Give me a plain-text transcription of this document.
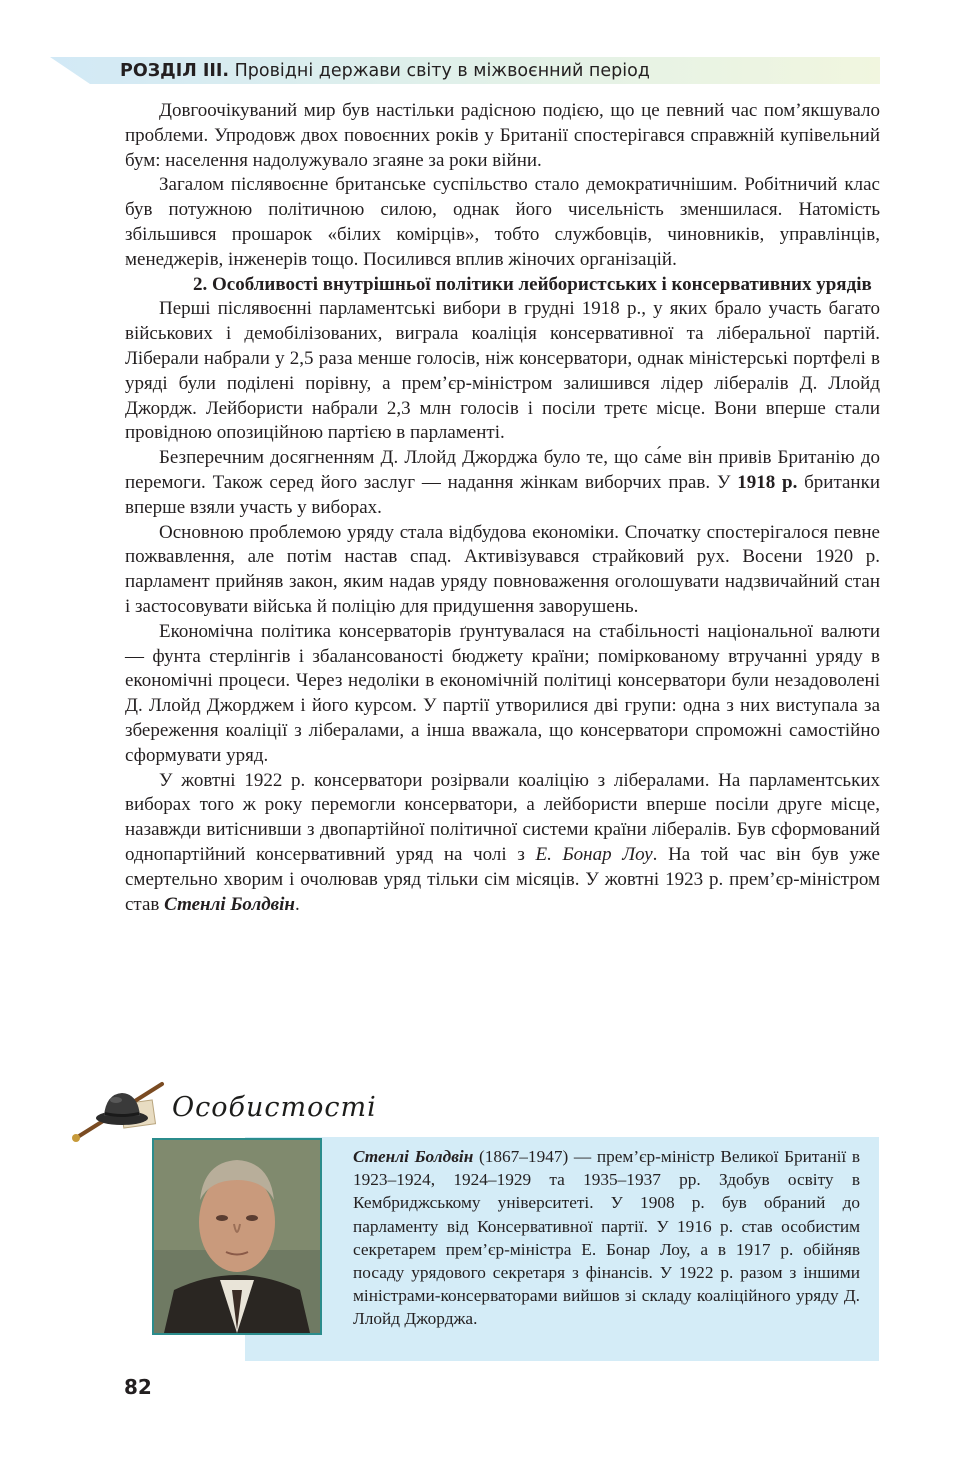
РОЗДІЛ ІІІ. Провідні держави світу в міжвоєнний період

Довгоочікуваний мир був настільки радісною подією, що це певний час пом’якшувало проблеми. Упродовж двох повоєнних років у Британії спостерігався справжній купівельний бум: населення надолужувало згаяне за роки війни.

Загалом післявоєнне британське суспільство стало демократичнішим. Робітничий клас був потужною політичною силою, однак його чисельність зменшилася. Натомість збільшився прошарок «білих комірців», тобто службовців, чиновників, управлінців, менеджерів, інженерів тощо. Посилився вплив жіночих організацій.

2. Особливості внутрішньої політики лейбористських і консервативних урядів

Перші післявоєнні парламентські вибори в грудні 1918 р., у яких брало участь багато військових і демобілізованих, виграла коаліція консервативної та ліберальної партій. Ліберали набрали у 2,5 раза менше голосів, ніж консерватори, однак міністерські портфелі в уряді були поділені порівну, а прем’єр-міністром залишився лідер лібералів Д. Ллойд Джордж. Лейбористи набрали 2,3 млн голосів і посіли третє місце. Вони вперше стали провідною опозиційною партією в парламенті.

Безперечним досягненням Д. Ллойд Джорджа було те, що са́ме він привів Британію до перемоги. Також серед його заслуг — надання жінкам виборчих прав. У 1918 р. британки вперше взяли участь у виборах.

Основною проблемою уряду стала відбудова економіки. Спочатку спостерігалося певне пожвавлення, але потім настав спад. Активізувався страйковий рух. Восени 1920 р. парламент прийняв закон, яким надав уряду повноваження оголошувати надзвичайний стан і застосовувати війська й поліцію для придушення заворушень.

Економічна політика консерваторів ґрунтувалася на стабільності національної валюти — фунта стерлінгів і збалансованості бюджету країни; поміркованому втручанні уряду в економічні процеси. Через недоліки в економічній політиці консерватори були незадоволені Д. Ллойд Джорджем і його курсом. У партії утворилися дві групи: одна з них виступала за збереження коаліції з лібералами, а інша вважала, що консерватори спроможні самостійно сформувати уряд.

У жовтні 1922 р. консерватори розірвали коаліцію з лібералами. На парламентських виборах того ж року перемогли консерватори, а лейбористи вперше посіли друге місце, назавжди витіснивши з двопартійної політичної системи країни лібералів. Був сформований однопартійний консервативний уряд на чолі з Е. Бонар Лоу. На той час він був уже смертельно хворим і очолював уряд тільки сім місяців. У жовтні 1923 р. прем’єр-міністром став Стенлі Болдвін.

Особистості
Стенлі Болдвін (1867–1947) — прем’єр-міністр Великої Британії в 1923–1924, 1924–1929 та 1935–1937 рр. Здобув освіту в Кембриджському університеті. У 1908 р. був обраний до парламенту від Консервативної партії. У 1916 р. став особистим секретарем прем’єр-міністра Е. Бонар Лоу, а в 1917 р. обійняв посаду урядового секретаря з фінансів. У 1922 р. разом з іншими міністрами-консерваторами вийшов зі складу коаліційного уряду Д. Ллойд Джорджа.
82
